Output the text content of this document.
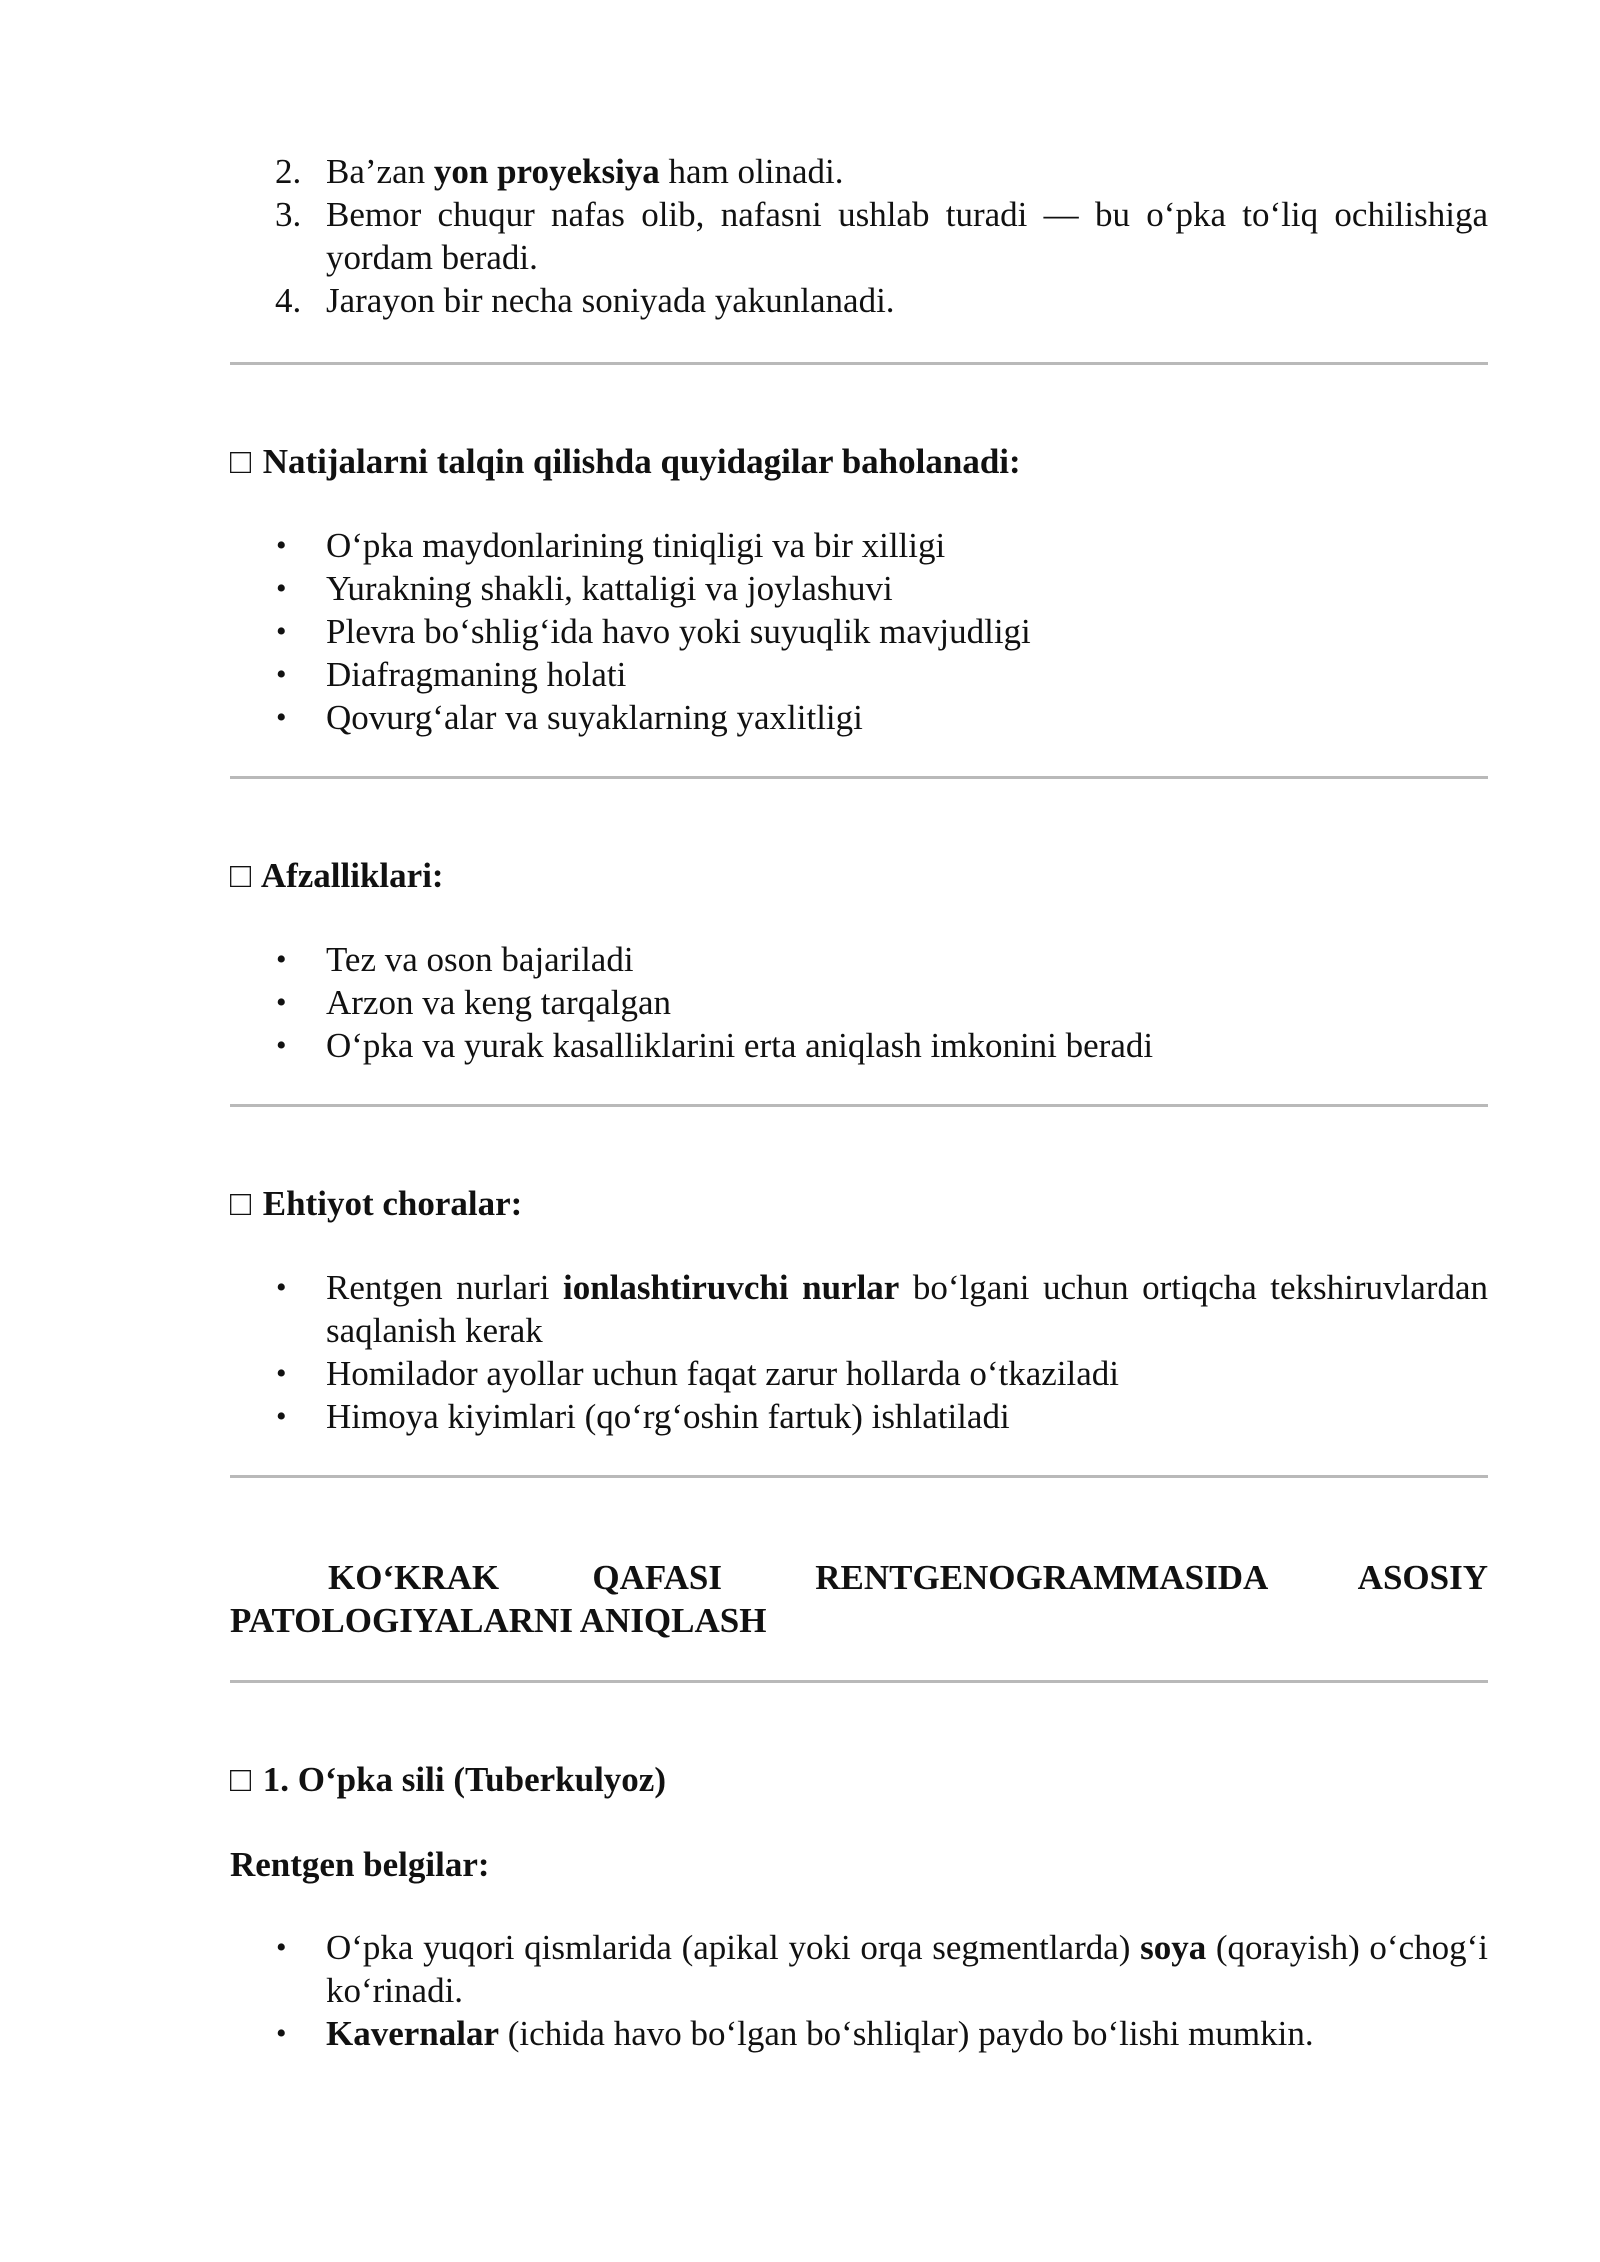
2. Ba’zan yon proyeksiya ham olinadi.
3. Bemor chuqur nafas olib, nafasni ushlab turadi — bu o‘pka to‘liq ochilishiga yordam beradi.
4. Jarayon bir necha soniyada yakunlanadi.
□ Natijalarni talqin qilishda quyidagilar baholanadi:
• O‘pka maydonlarining tiniqligi va bir xilligi
• Yurakning shakli, kattaligi va joylashuvi
• Plevra bo‘shlig‘ida havo yoki suyuqlik mavjudligi
• Diafragmaning holati
• Qovurg‘alar va suyaklarning yaxlitligi
□ Afzalliklari:
• Tez va oson bajariladi
• Arzon va keng tarqalgan
• O‘pka va yurak kasalliklarini erta aniqlash imkonini beradi
□ Ehtiyot choralar:
• Rentgen nurlari ionlashtiruvchi nurlar bo‘lgani uchun ortiqcha tekshiruvlardan saqlanish kerak
• Homilador ayollar uchun faqat zarur hollarda o‘tkaziladi
• Himoya kiyimlari (qo‘rg‘oshin fartuk) ishlatiladi
KO‘KRAK QAFASI RENTGENOGRAMMASIDA ASOSIY PATOLOGIYALARNI ANIQLASH
□ 1. O‘pka sili (Tuberkulyoz)
Rentgen belgilar:
• O‘pka yuqori qismlarida (apikal yoki orqa segmentlarda) soya (qorayish) o‘chog‘i ko‘rinadi.
• Kavernalar (ichida havo bo‘lgan bo‘shliqlar) paydo bo‘lishi mumkin.
